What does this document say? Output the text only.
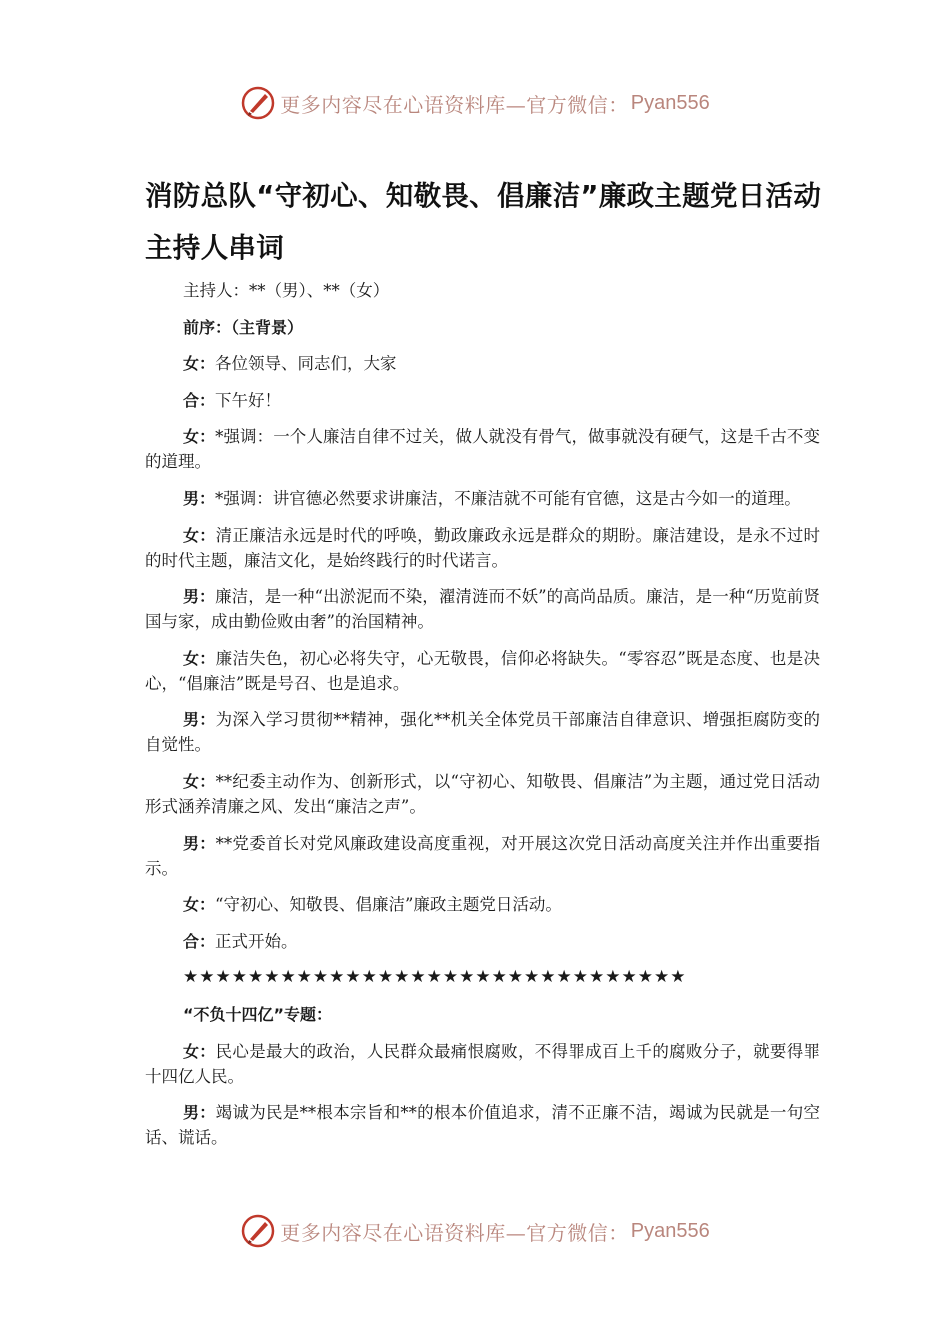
更多内容尽在心语资料库—官方微信： Pyan556
消防总队“守初心、知敬畏、倡廉洁”廉政主题党日活动主持人串词

主持人：**（男）、**（女）

前序：（主背景）

女：各位领导、同志们，大家

合：下午好！

女：*强调：一个人廉洁自律不过关，做人就没有骨气，做事就没有硬气，这是千古不变的道理。

男：*强调：讲官德必然要求讲廉洁，不廉洁就不可能有官德，这是古今如一的道理。

女：清正廉洁永远是时代的呼唤，勤政廉政永远是群众的期盼。廉洁建设，是永不过时的时代主题，廉洁文化，是始终践行的时代诺言。

男：廉洁，是一种“出淤泥而不染，濯清涟而不妖”的高尚品质。廉洁，是一种“历览前贤国与家，成由勤俭败由奢”的治国精神。

女：廉洁失色，初心必将失守，心无敬畏，信仰必将缺失。“零容忍”既是态度、也是决心，“倡廉洁”既是号召、也是追求。

男：为深入学习贯彻**精神，强化**机关全体党员干部廉洁自律意识、增强拒腐防变的自觉性。

女：**纪委主动作为、创新形式，以“守初心、知敬畏、倡廉洁”为主题，通过党日活动形式涵养清廉之风、发出“廉洁之声”。

男：**党委首长对党风廉政建设高度重视，对开展这次党日活动高度关注并作出重要指示。

女：“守初心、知敬畏、倡廉洁”廉政主题党日活动。

合：正式开始。

★★★★★★★★★★★★★★★★★★★★★★★★★★★★★★★

“不负十四亿”专题：

女：民心是最大的政治，人民群众最痛恨腐败，不得罪成百上千的腐败分子，就要得罪十四亿人民。

男：竭诚为民是**根本宗旨和**的根本价值追求，清不正廉不洁，竭诚为民就是一句空话、谎话。

更多内容尽在心语资料库—官方微信： Pyan556
